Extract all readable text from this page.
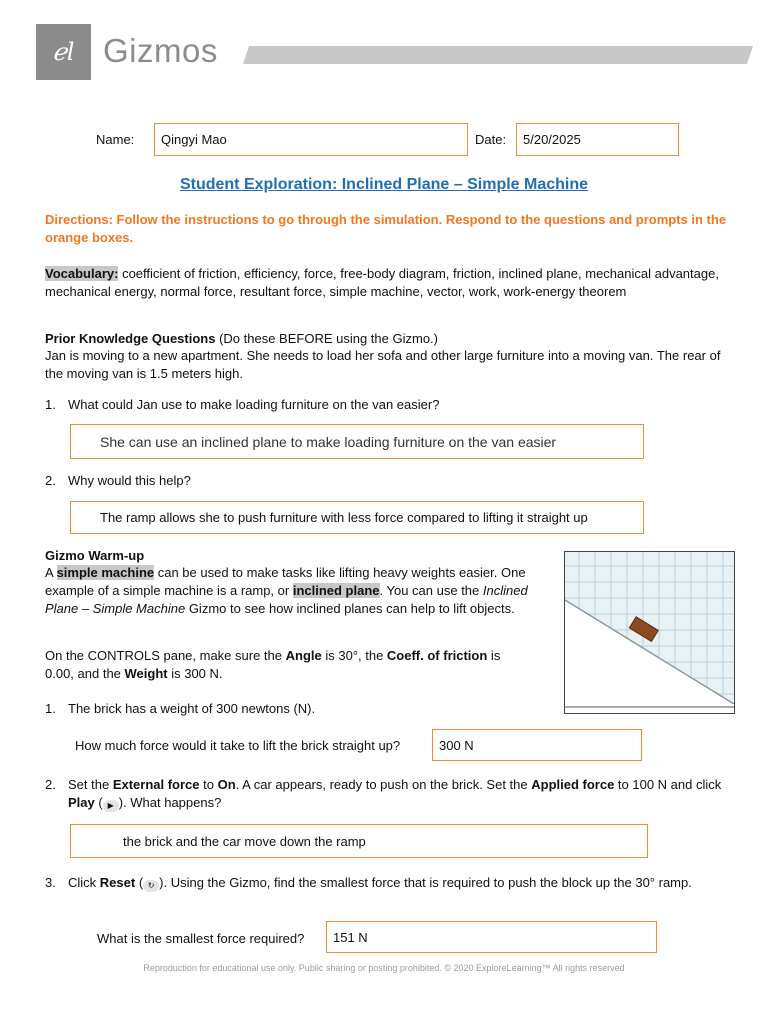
ℯl Gizmos
Name:	Qingyi Mao	Date:	5/20/2025
Student Exploration: Inclined Plane – Simple Machine
Directions: Follow the instructions to go through the simulation. Respond to the questions and prompts in the orange boxes.
Vocabulary: coefficient of friction, efficiency, force, free-body diagram, friction, inclined plane, mechanical advantage, mechanical energy, normal force, resultant force, simple machine, vector, work, work-energy theorem
Prior Knowledge Questions (Do these BEFORE using the Gizmo.)
Jan is moving to a new apartment. She needs to load her sofa and other large furniture into a moving van. The rear of the moving van is 1.5 meters high.
1. What could Jan use to make loading furniture on the van easier?
She can use an inclined plane to make loading furniture on the van easier
2. Why would this help?
The ramp allows she to push furniture with less force compared to lifting it straight up
Gizmo Warm-up
A simple machine can be used to make tasks like lifting heavy weights easier. One example of a simple machine is a ramp, or inclined plane. You can use the Inclined Plane – Simple Machine Gizmo to see how inclined planes can help to lift objects.
On the CONTROLS pane, make sure the Angle is 30°, the Coeff. of friction is 0.00, and the Weight is 300 N.
1. The brick has a weight of 300 newtons (N).
How much force would it take to lift the brick straight up?	300 N
2. Set the External force to On. A car appears, ready to push on the brick. Set the Applied force to 100 N and click Play ( ▶ ). What happens?
the brick and the car move down the ramp
3. Click Reset ( ↻ ). Using the Gizmo, find the smallest force that is required to push the block up the 30° ramp.
What is the smallest force required?	151 N
Reproduction for educational use only. Public sharing or posting prohibited. © 2020 ExploreLearning™ All rights reserved
